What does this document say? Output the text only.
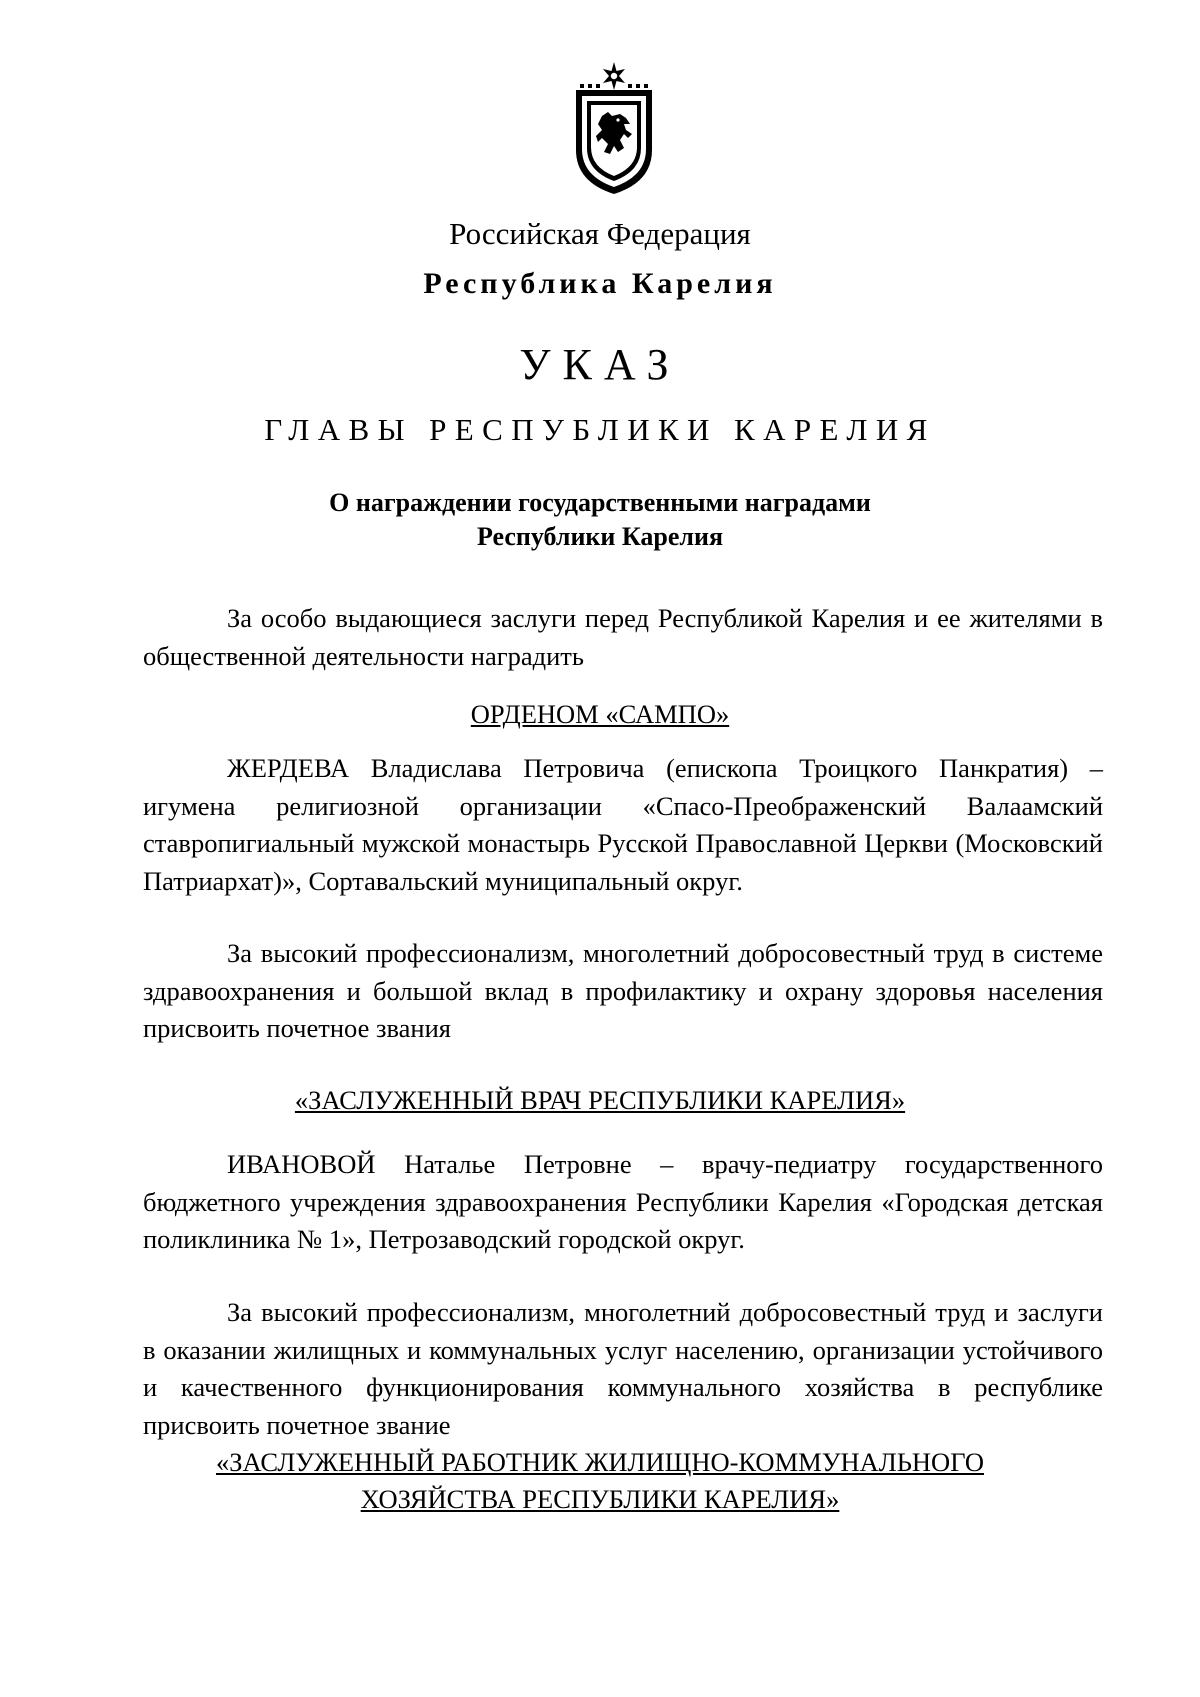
Российская Федерация
Республика Карелия
УКАЗ
ГЛАВЫ РЕСПУБЛИКИ КАРЕЛИЯ
О награждении государственными наградами
Республики Карелия
За особо выдающиеся заслуги перед Республикой Карелия и ее жителями в общественной деятельности наградить
ОРДЕНОМ «САМПО»
ЖЕРДЕВА Владислава Петровича (епископа Троицкого Панкратия) – игумена религиозной организации «Спасо-Преображенский Валаамский ставропигиальный мужской монастырь Русской Православной Церкви (Московский Патриархат)», Сортавальский муниципальный округ.
За высокий профессионализм, многолетний добросовестный труд в системе здравоохранения и большой вклад в профилактику и охрану здоровья населения присвоить почетное звания
«ЗАСЛУЖЕННЫЙ ВРАЧ РЕСПУБЛИКИ КАРЕЛИЯ»
ИВАНОВОЙ Наталье Петровне – врачу-педиатру государственного бюджетного учреждения здравоохранения Республики Карелия «Городская детская поликлиника № 1», Петрозаводский городской округ.
За высокий профессионализм, многолетний добросовестный труд и заслуги в оказании жилищных и коммунальных услуг населению, организации устойчивого и качественного функционирования коммунального хозяйства в республике присвоить почетное звание
«ЗАСЛУЖЕННЫЙ РАБОТНИК ЖИЛИЩНО-КОММУНАЛЬНОГО
ХОЗЯЙСТВА РЕСПУБЛИКИ КАРЕЛИЯ»
